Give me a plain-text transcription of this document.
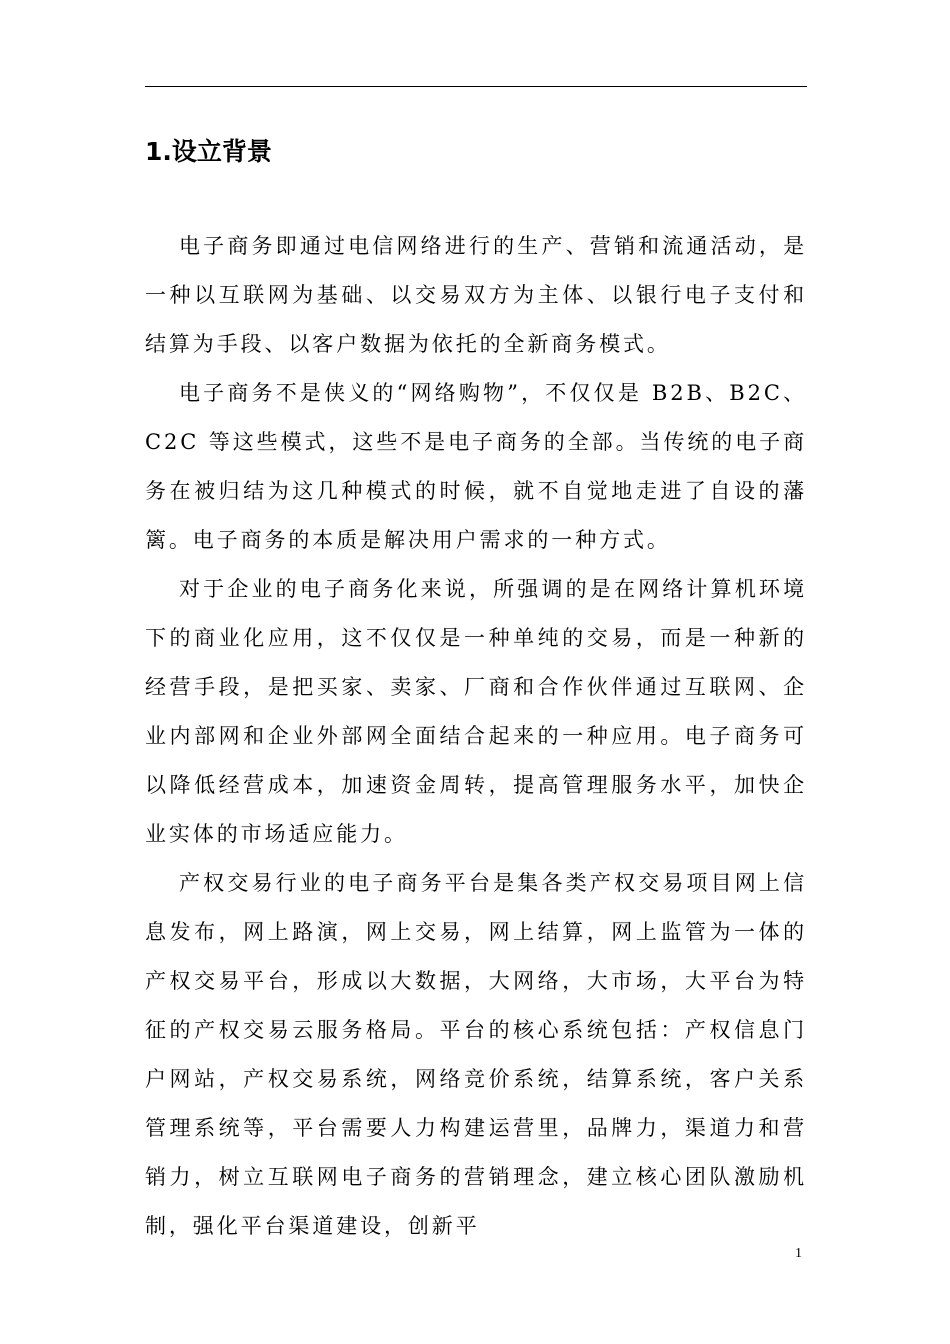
1.设立背景

电子商务即通过电信网络进行的生产、营销和流通活动，是一种以互联网为基础、以交易双方为主体、以银行电子支付和结算为手段、以客户数据为依托的全新商务模式。

电子商务不是侠义的“网络购物”，不仅仅是 B2B、B2C、C2C 等这些模式，这些不是电子商务的全部。当传统的电子商务在被归结为这几种模式的时候，就不自觉地走进了自设的藩篱。电子商务的本质是解决用户需求的一种方式。

对于企业的电子商务化来说，所强调的是在网络计算机环境下的商业化应用，这不仅仅是一种单纯的交易，而是一种新的经营手段，是把买家、卖家、厂商和合作伙伴通过互联网、企业内部网和企业外部网全面结合起来的一种应用。电子商务可以降低经营成本，加速资金周转，提高管理服务水平，加快企业实体的市场适应能力。

产权交易行业的电子商务平台是集各类产权交易项目网上信息发布，网上路演，网上交易，网上结算，网上监管为一体的产权交易平台，形成以大数据，大网络，大市场，大平台为特征的产权交易云服务格局。平台的核心系统包括：产权信息门户网站，产权交易系统，网络竞价系统，结算系统，客户关系管理系统等，平台需要人力构建运营里，品牌力，渠道力和营销力，树立互联网电子商务的营销理念，建立核心团队激励机制，强化平台渠道建设，创新平

1
